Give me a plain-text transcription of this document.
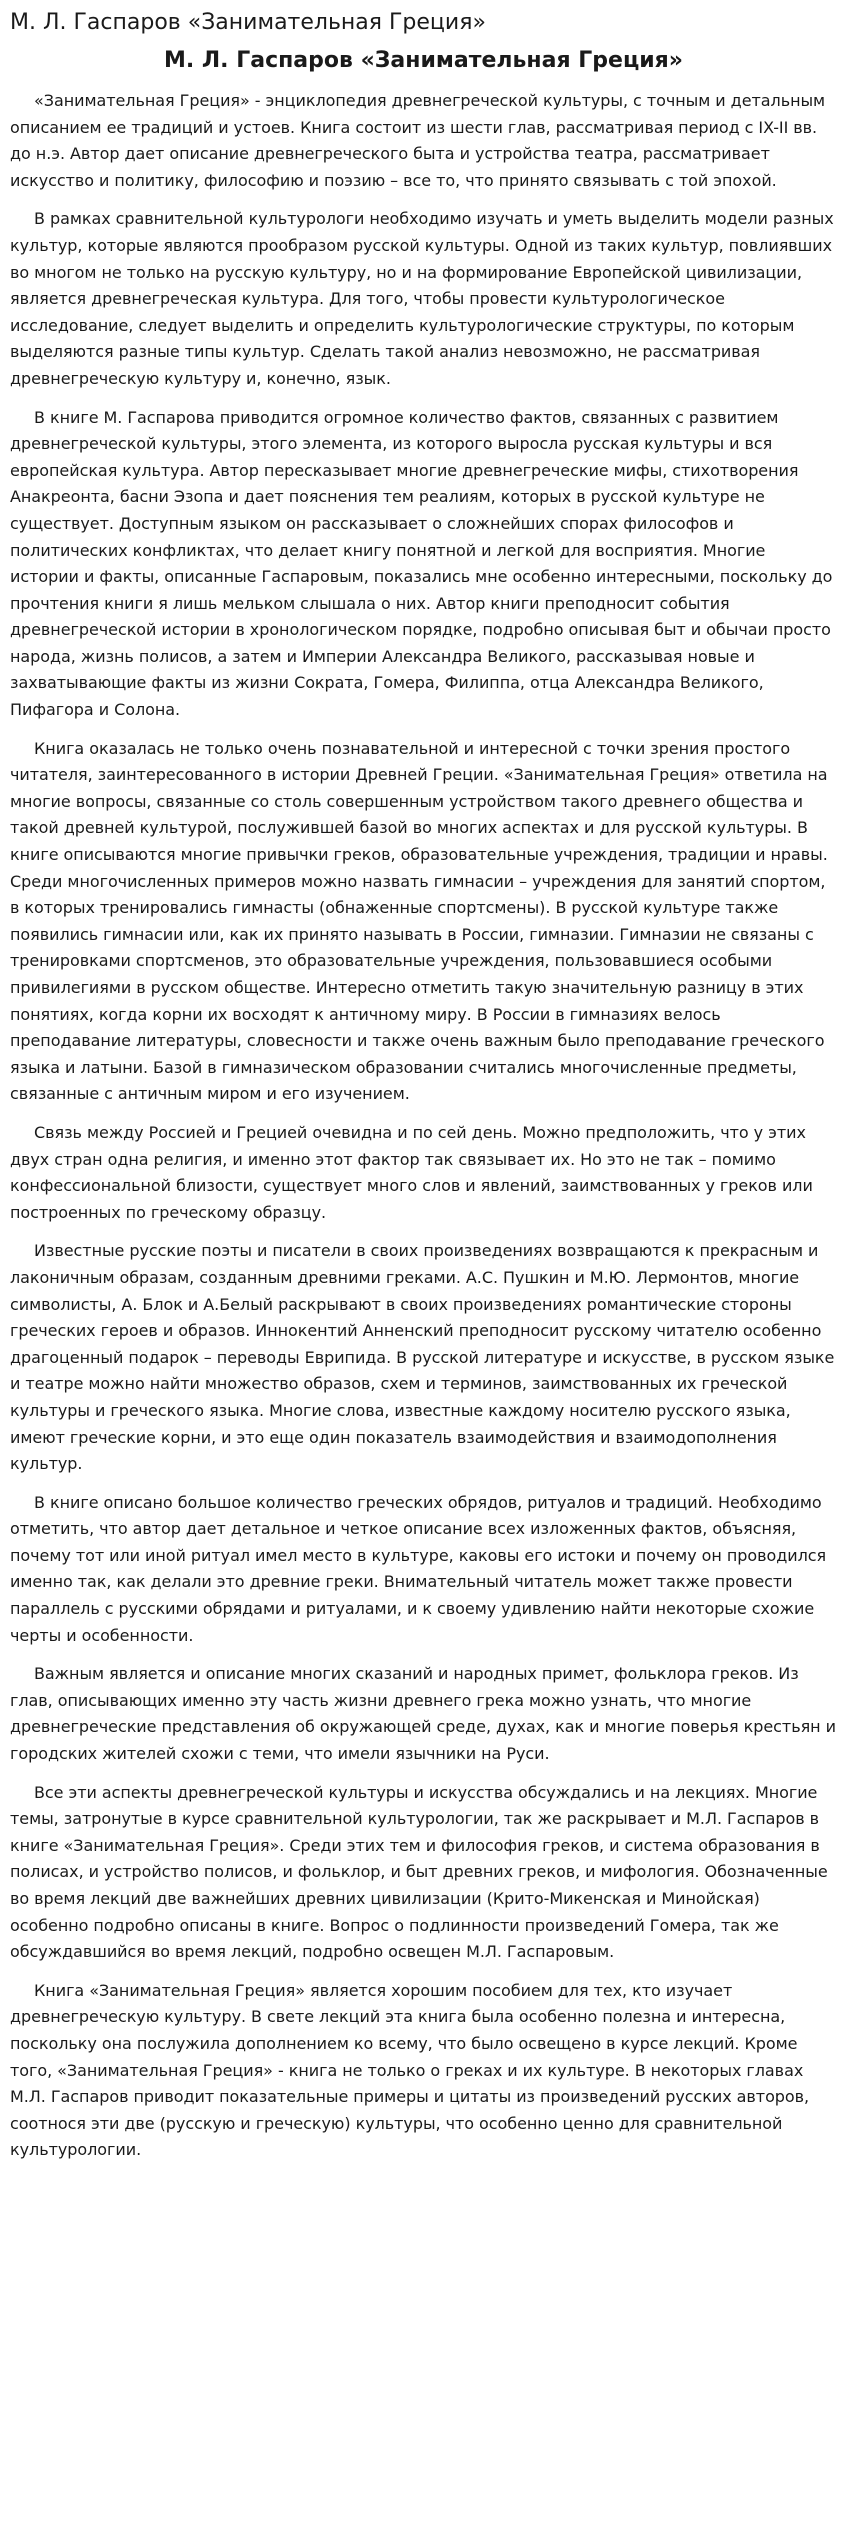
М. Л. Гаспаров «Занимательная Греция»
М. Л. Гаспаров «Занимательная Греция»

«Занимательная Греция» - энциклопедия древнегреческой культуры, с точным и детальным описанием ее традиций и устоев. Книга состоит из шести глав, рассматривая период с IX-II вв. до н.э. Автор дает описание древнегреческого быта и устройства театра, рассматривает искусство и политику, философию и поэзию – все то, что принято связывать с той эпохой.

В рамках сравнительной культурологи необходимо изучать и уметь выделить модели разных культур, которые являются прообразом русской культуры. Одной из таких культур, повлиявших во многом не только на русскую культуру, но и на формирование Европейской цивилизации, является древнегреческая культура. Для того, чтобы провести культурологическое исследование, следует выделить и определить культурологические структуры, по которым выделяются разные типы культур. Сделать такой анализ невозможно, не рассматривая древнегреческую культуру и, конечно, язык.

В книге М. Гаспарова приводится огромное количество фактов, связанных с развитием древнегреческой культуры, этого элемента, из которого выросла русская культуры и вся европейская культура. Автор пересказывает многие древнегреческие мифы, стихотворения Анакреонта, басни Эзопа и дает пояснения тем реалиям, которых в русской культуре не существует. Доступным языком он рассказывает о сложнейших спорах философов и политических конфликтах, что делает книгу понятной и легкой для восприятия. Многие истории и факты, описанные Гаспаровым, показались мне особенно интересными, поскольку до прочтения книги я лишь мельком слышала о них. Автор книги преподносит события древнегреческой истории в хронологическом порядке, подробно описывая быт и обычаи просто народа, жизнь полисов, а затем и Империи Александра Великого, рассказывая новые и захватывающие факты из жизни Сократа, Гомера, Филиппа, отца Александра Великого, Пифагора и Солона.

Книга оказалась не только очень познавательной и интересной с точки зрения простого читателя, заинтересованного в истории Древней Греции. «Занимательная Греция» ответила на многие вопросы, связанные со столь совершенным устройством такого древнего общества и такой древней культурой, послужившей базой во многих аспектах и для русской культуры. В книге описываются многие привычки греков, образовательные учреждения, традиции и нравы. Среди многочисленных примеров можно назвать гимнасии – учреждения для занятий спортом, в которых тренировались гимнасты (обнаженные спортсмены). В русской культуре также появились гимнасии или, как их принято называть в России, гимназии. Гимназии не связаны с тренировками спортсменов, это образовательные учреждения, пользовавшиеся особыми привилегиями в русском обществе. Интересно отметить такую значительную разницу в этих понятиях, когда корни их восходят к античному миру. В России в гимназиях велось преподавание литературы, словесности и также очень важным было преподавание греческого языка и латыни. Базой в гимназическом образовании считались многочисленные предметы, связанные с античным миром и его изучением.

Связь между Россией и Грецией очевидна и по сей день. Можно предположить, что у этих двух стран одна религия, и именно этот фактор так связывает их. Но это не так – помимо конфессиональной близости, существует много слов и явлений, заимствованных у греков или построенных по греческому образцу.

Известные русские поэты и писатели в своих произведениях возвращаются к прекрасным и лаконичным образам, созданным древними греками. А.С. Пушкин и М.Ю. Лермонтов, многие символисты, А. Блок и А.Белый раскрывают в своих произведениях романтические стороны греческих героев и образов. Иннокентий Анненский преподносит русскому читателю особенно драгоценный подарок – переводы Еврипида. В русской литературе и искусстве, в русском языке и театре можно найти множество образов, схем и терминов, заимствованных их греческой культуры и греческого языка. Многие слова, известные каждому носителю русского языка, имеют греческие корни, и это еще один показатель взаимодействия и взаимодополнения культур.

В книге описано большое количество греческих обрядов, ритуалов и традиций. Необходимо отметить, что автор дает детальное и четкое описание всех изложенных фактов, объясняя, почему тот или иной ритуал имел место в культуре, каковы его истоки и почему он проводился именно так, как делали это древние греки. Внимательный читатель может также провести параллель с русскими обрядами и ритуалами, и к своему удивлению найти некоторые схожие черты и особенности.

Важным является и описание многих сказаний и народных примет, фольклора греков. Из глав, описывающих именно эту часть жизни древнего грека можно узнать, что многие древнегреческие представления об окружающей среде, духах, как и многие поверья крестьян и городских жителей схожи с теми, что имели язычники на Руси.

Все эти аспекты древнегреческой культуры и искусства обсуждались и на лекциях. Многие темы, затронутые в курсе сравнительной культурологии, так же раскрывает и М.Л. Гаспаров в книге «Занимательная Греция». Среди этих тем и философия греков, и система образования в полисах, и устройство полисов, и фольклор, и быт древних греков, и мифология. Обозначенные во время лекций две важнейших древних цивилизации (Крито-Микенская и Минойская) особенно подробно описаны в книге. Вопрос о подлинности произведений Гомера, так же обсуждавшийся во время лекций, подробно освещен М.Л. Гаспаровым.

Книга «Занимательная Греция» является хорошим пособием для тех, кто изучает древнегреческую культуру. В свете лекций эта книга была особенно полезна и интересна, поскольку она послужила дополнением ко всему, что было освещено в курсе лекций. Кроме того, «Занимательная Греция» - книга не только о греках и их культуре. В некоторых главах М.Л. Гаспаров приводит показательные примеры и цитаты из произведений русских авторов, соотнося эти две (русскую и греческую) культуры, что особенно ценно для сравнительной культурологии.
